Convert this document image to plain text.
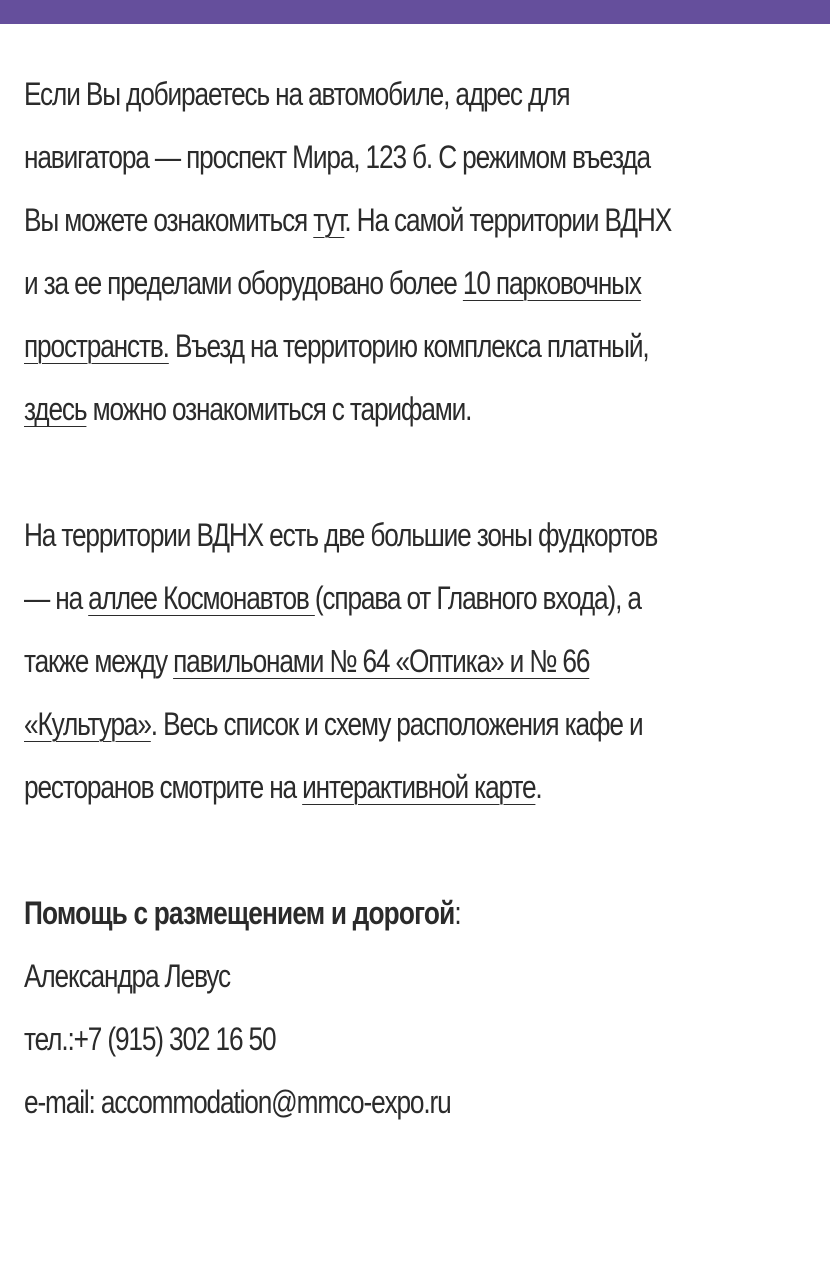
Если Вы добираетесь на автомобиле, адрес для навигатора — проспект Мира, 123 б. С режимом въезда Вы можете ознакомиться тут. На самой территории ВДНХ и за ее пределами оборудовано более 10 парковочных пространств. Въезд на территорию комплекса платный, здесь можно ознакомиться с тарифами.

На территории ВДНХ есть две большие зоны фудкортов — на аллее Космонавтов (справа от Главного входа), а также между павильонами № 64 «Оптика» и № 66 «Культура». Весь список и схему расположения кафе и ресторанов смотрите на интерактивной карте.

Помощь с размещением и дорогой:

Александра Левус

тел.:+7 (915) 302 16 50

e-mail: accommodation@mmco-expo.ru
